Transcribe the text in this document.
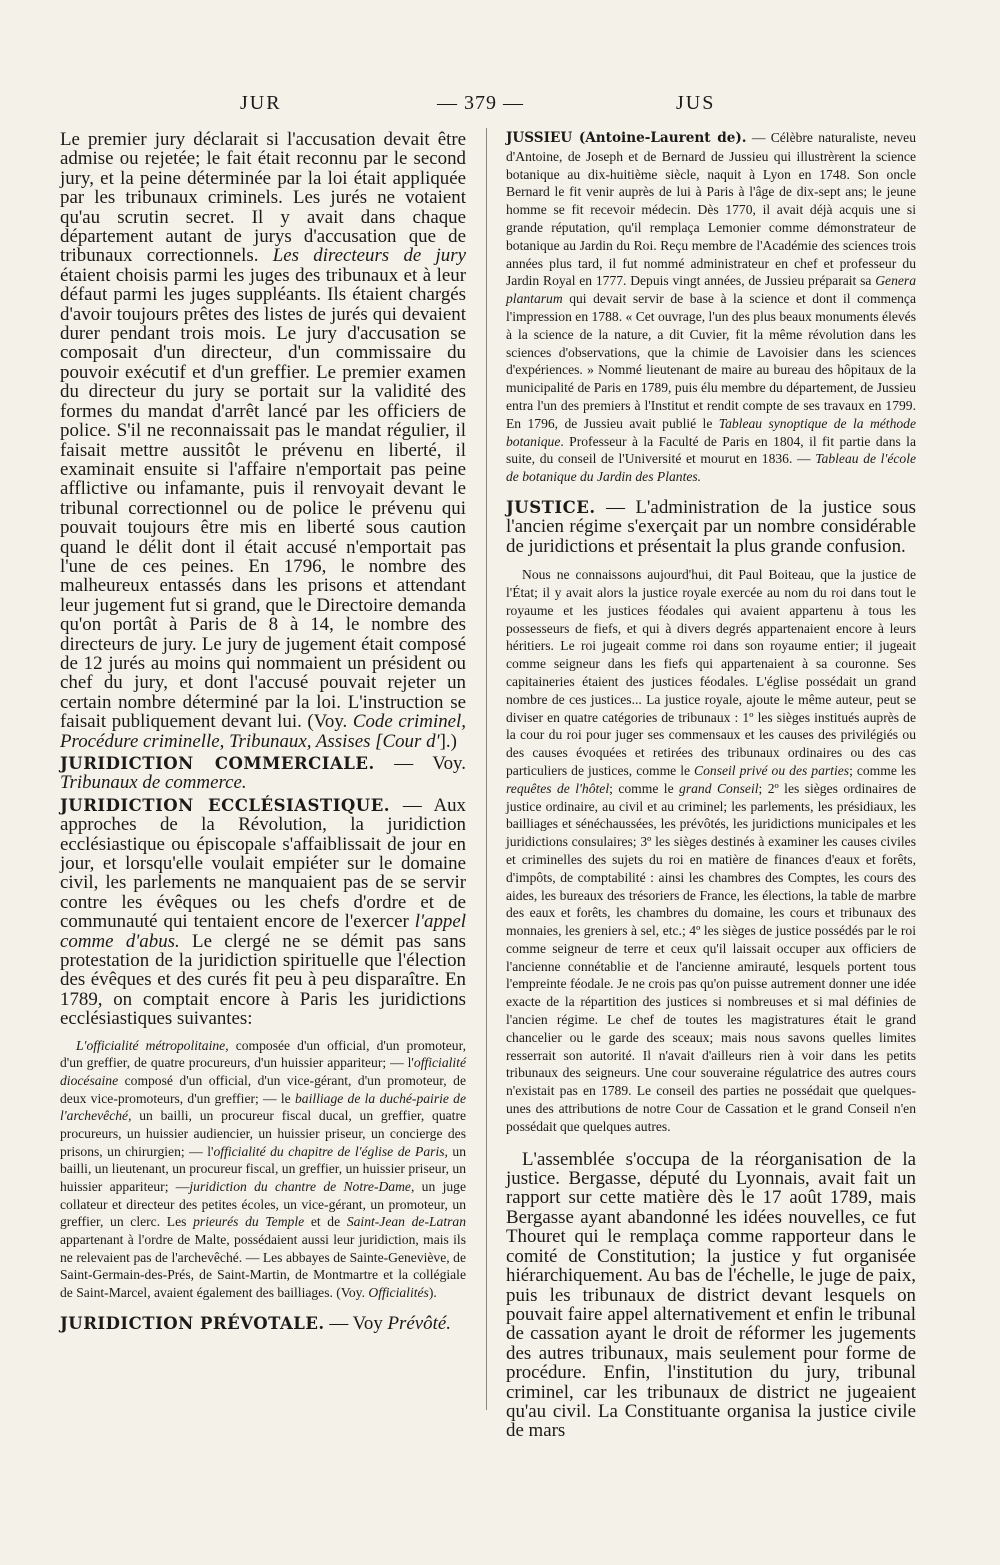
JUR	— 379 —	JUS

Le premier jury déclarait si l'accusation devait être admise ou rejetée; le fait était reconnu par le second jury, et la peine déterminée par la loi était appliquée par les tribunaux criminels. Les jurés ne votaient qu'au scrutin secret. Il y avait dans chaque département autant de jurys d'accusation que de tribunaux correctionnels. Les directeurs de jury étaient choisis parmi les juges des tribunaux et à leur défaut parmi les juges suppléants. Ils étaient chargés d'avoir toujours prêtes des listes de jurés qui devaient durer pendant trois mois. Le jury d'accusation se composait d'un directeur, d'un commissaire du pouvoir exécutif et d'un greffier. Le premier examen du directeur du jury se portait sur la validité des formes du mandat d'arrêt lancé par les officiers de police. S'il ne reconnaissait pas le mandat régulier, il faisait mettre aussitôt le prévenu en liberté, il examinait ensuite si l'affaire n'emportait pas peine afflictive ou infamante, puis il renvoyait devant le tribunal correctionnel ou de police le prévenu qui pouvait toujours être mis en liberté sous caution quand le délit dont il était accusé n'emportait pas l'une de ces peines. En 1796, le nombre des malheureux entassés dans les prisons et attendant leur jugement fut si grand, que le Directoire demanda qu'on portât à Paris de 8 à 14, le nombre des directeurs de jury. Le jury de jugement était composé de 12 jurés au moins qui nommaient un président ou chef du jury, et dont l'accusé pouvait rejeter un certain nombre déterminé par la loi. L'instruction se faisait publiquement devant lui. (Voy. Code criminel, Procédure criminelle, Tribunaux, Assises [Cour d'].)

JURIDICTION COMMERCIALE. — Voy. Tribunaux de commerce.

JURIDICTION ECCLÉSIASTIQUE. — Aux approches de la Révolution, la juridiction ecclésiastique ou épiscopale s'affaiblissait de jour en jour, et lorsqu'elle voulait empiéter sur le domaine civil, les parlements ne manquaient pas de se servir contre les évêques ou les chefs d'ordre et de communauté qui tentaient encore de l'exercer l'appel comme d'abus. Le clergé ne se démit pas sans protestation de la juridiction spirituelle que l'élection des évêques et des curés fit peu à peu disparaître. En 1789, on comptait encore à Paris les juridictions ecclésiastiques suivantes:

L'officialité métropolitaine, composée d'un official, d'un promoteur, d'un greffier, de quatre procureurs, d'un huissier appariteur; — l'officialité diocésaine composé d'un official, d'un vice-gérant, d'un promoteur, de deux vice-promoteurs, d'un greffier; — le bailliage de la duché-pairie de l'archevêché, un bailli, un procureur fiscal ducal, un greffier, quatre procureurs, un huissier audiencier, un huissier priseur, un concierge des prisons, un chirurgien; — l'officialité du chapitre de l'église de Paris, un bailli, un lieutenant, un procureur fiscal, un greffier, un huissier priseur, un huissier appariteur; —juridiction du chantre de Notre-Dame, un juge collateur et directeur des petites écoles, un vice-gérant, un promoteur, un greffier, un clerc. Les prieurés du Temple et de Saint-Jean de-Latran appartenant à l'ordre de Malte, possédaient aussi leur juridiction, mais ils ne relevaient pas de l'archevêché. — Les abbayes de Sainte-Geneviève, de Saint-Germain-des-Prés, de Saint-Martin, de Montmartre et la collégiale de Saint-Marcel, avaient également des bailliages. (Voy. Officialités).

JURIDICTION PRÉVOTALE. — Voy Prévôté.

JUSSIEU (Antoine-Laurent de). — Célèbre naturaliste, neveu d'Antoine, de Joseph et de Bernard de Jussieu qui illustrèrent la science botanique au dix-huitième siècle, naquit à Lyon en 1748. Son oncle Bernard le fit venir auprès de lui à Paris à l'âge de dix-sept ans; le jeune homme se fit recevoir médecin. Dès 1770, il avait déjà acquis une si grande réputation, qu'il remplaça Lemonier comme démonstrateur de botanique au Jardin du Roi. Reçu membre de l'Académie des sciences trois années plus tard, il fut nommé administrateur en chef et professeur du Jardin Royal en 1777. Depuis vingt années, de Jussieu préparait sa Genera plantarum qui devait servir de base à la science et dont il commença l'impression en 1788. « Cet ouvrage, l'un des plus beaux monuments élevés à la science de la nature, a dit Cuvier, fit la même révolution dans les sciences d'observations, que la chimie de Lavoisier dans les sciences d'expériences. » Nommé lieutenant de maire au bureau des hôpitaux de la municipalité de Paris en 1789, puis élu membre du département, de Jussieu entra l'un des premiers à l'Institut et rendit compte de ses travaux en 1799. En 1796, de Jussieu avait publié le Tableau synoptique de la méthode botanique. Professeur à la Faculté de Paris en 1804, il fit partie dans la suite, du conseil de l'Université et mourut en 1836. — Tableau de l'école de botanique du Jardin des Plantes.

JUSTICE. — L'administration de la justice sous l'ancien régime s'exerçait par un nombre considérable de juridictions et présentait la plus grande confusion.

Nous ne connaissons aujourd'hui, dit Paul Boiteau, que la justice de l'État; il y avait alors la justice royale exercée au nom du roi dans tout le royaume et les justices féodales qui avaient appartenu à tous les possesseurs de fiefs, et qui à divers degrés appartenaient encore à leurs héritiers. Le roi jugeait comme roi dans son royaume entier; il jugeait comme seigneur dans les fiefs qui appartenaient à sa couronne. Ses capitaineries étaient des justices féodales. L'église possédait un grand nombre de ces justices... La justice royale, ajoute le même auteur, peut se diviser en quatre catégories de tribunaux : 1º les sièges institués auprès de la cour du roi pour juger ses commensaux et les causes des privilégiés ou des causes évoquées et retirées des tribunaux ordinaires ou des cas particuliers de justices, comme le Conseil privé ou des parties; comme les requêtes de l'hôtel; comme le grand Conseil; 2º les sièges ordinaires de justice ordinaire, au civil et au criminel; les parlements, les présidiaux, les bailliages et sénéchaussées, les prévôtés, les juridictions municipales et les juridictions consulaires; 3º les sièges destinés à examiner les causes civiles et criminelles des sujets du roi en matière de finances d'eaux et forêts, d'impôts, de comptabilité : ainsi les chambres des Comptes, les cours des aides, les bureaux des trésoriers de France, les élections, la table de marbre des eaux et forêts, les chambres du domaine, les cours et tribunaux des monnaies, les greniers à sel, etc.; 4º les sièges de justice possédés par le roi comme seigneur de terre et ceux qu'il laissait occuper aux officiers de l'ancienne connétablie et de l'ancienne amirauté, lesquels portent tous l'empreinte féodale. Je ne crois pas qu'on puisse autrement donner une idée exacte de la répartition des justices si nombreuses et si mal définies de l'ancien régime. Le chef de toutes les magistratures était le grand chancelier ou le garde des sceaux; mais nous savons quelles limites resserrait son autorité. Il n'avait d'ailleurs rien à voir dans les petits tribunaux des seigneurs. Une cour souveraine régulatrice des autres cours n'existait pas en 1789. Le conseil des parties ne possédait que quelques-unes des attributions de notre Cour de Cassation et le grand Conseil n'en possédait que quelques autres.

L'assemblée s'occupa de la réorganisation de la justice. Bergasse, député du Lyonnais, avait fait un rapport sur cette matière dès le 17 août 1789, mais Bergasse ayant abandonné les idées nouvelles, ce fut Thouret qui le remplaça comme rapporteur dans le comité de Constitution; la justice y fut organisée hiérarchiquement. Au bas de l'échelle, le juge de paix, puis les tribunaux de district devant lesquels on pouvait faire appel alternativement et enfin le tribunal de cassation ayant le droit de réformer les jugements des autres tribunaux, mais seulement pour forme de procédure. Enfin, l'institution du jury, tribunal criminel, car les tribunaux de district ne jugeaient qu'au civil. La Constituante organisa la justice civile de mars
